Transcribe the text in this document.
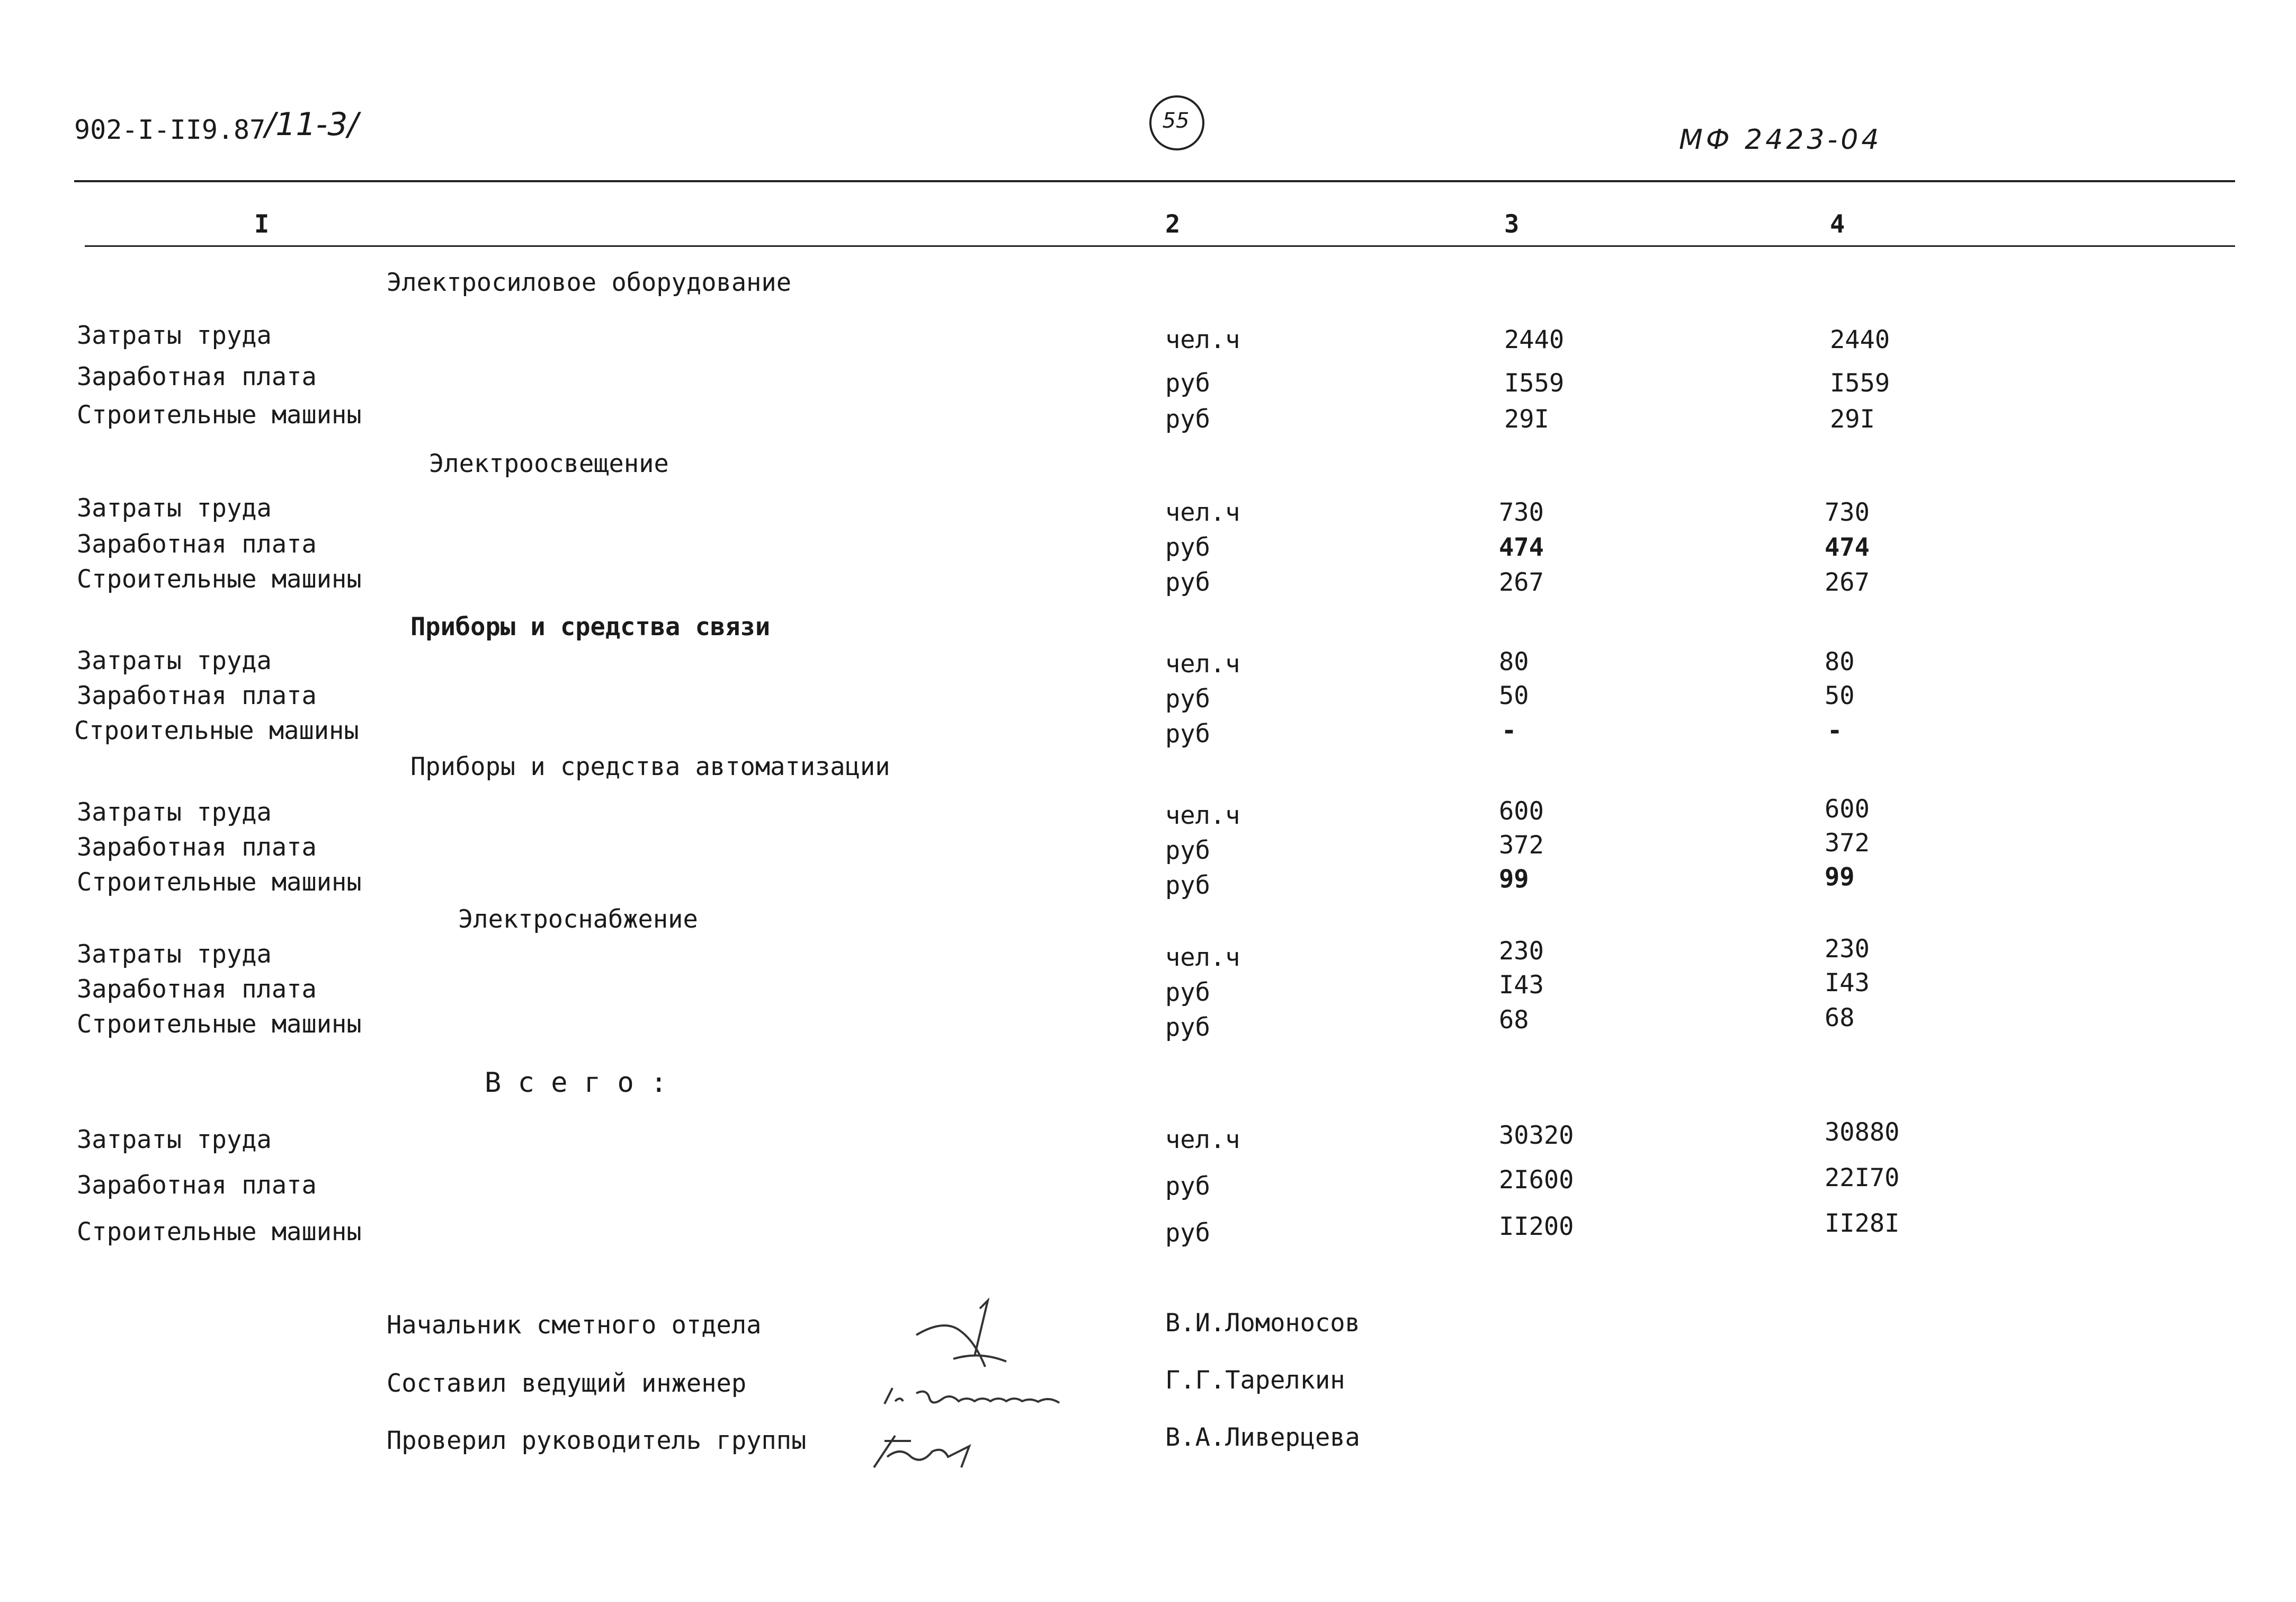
902-I-II9.87
/11-3/	55
МФ 2423-04
I	2	3	4
Электросиловое оборудование
Затраты труда	чел.ч	2440	2440
Заработная плата	руб	I559	I559
Строительные машины	руб	29I	29I
Электроосвещение
Затраты труда	чел.ч	730	730
Заработная плата	руб	474	474
Строительные машины	руб	267	267
Приборы и средства связи
Затраты труда	чел.ч	80	80
Заработная плата	руб	50	50
Строительные машины	руб	-	-
Приборы и средства автоматизации
Затраты труда	чел.ч	600	600
Заработная плата	руб	372	372
Строительные машины	руб	99	99
Электроснабжение
Затраты труда	чел.ч	230	230
Заработная плата	руб	I43	I43
Строительные машины	руб	68	68
В с е г о :
Затраты труда	чел.ч	30320	30880
Заработная плата	руб	2I600	22I70
Строительные машины	руб	II200	II28I
Начальник сметного отдела	В.И.Ломоносов
Составил ведущий инженер	Г.Г.Тарелкин
Проверил руководитель группы	В.А.Ливерцева
